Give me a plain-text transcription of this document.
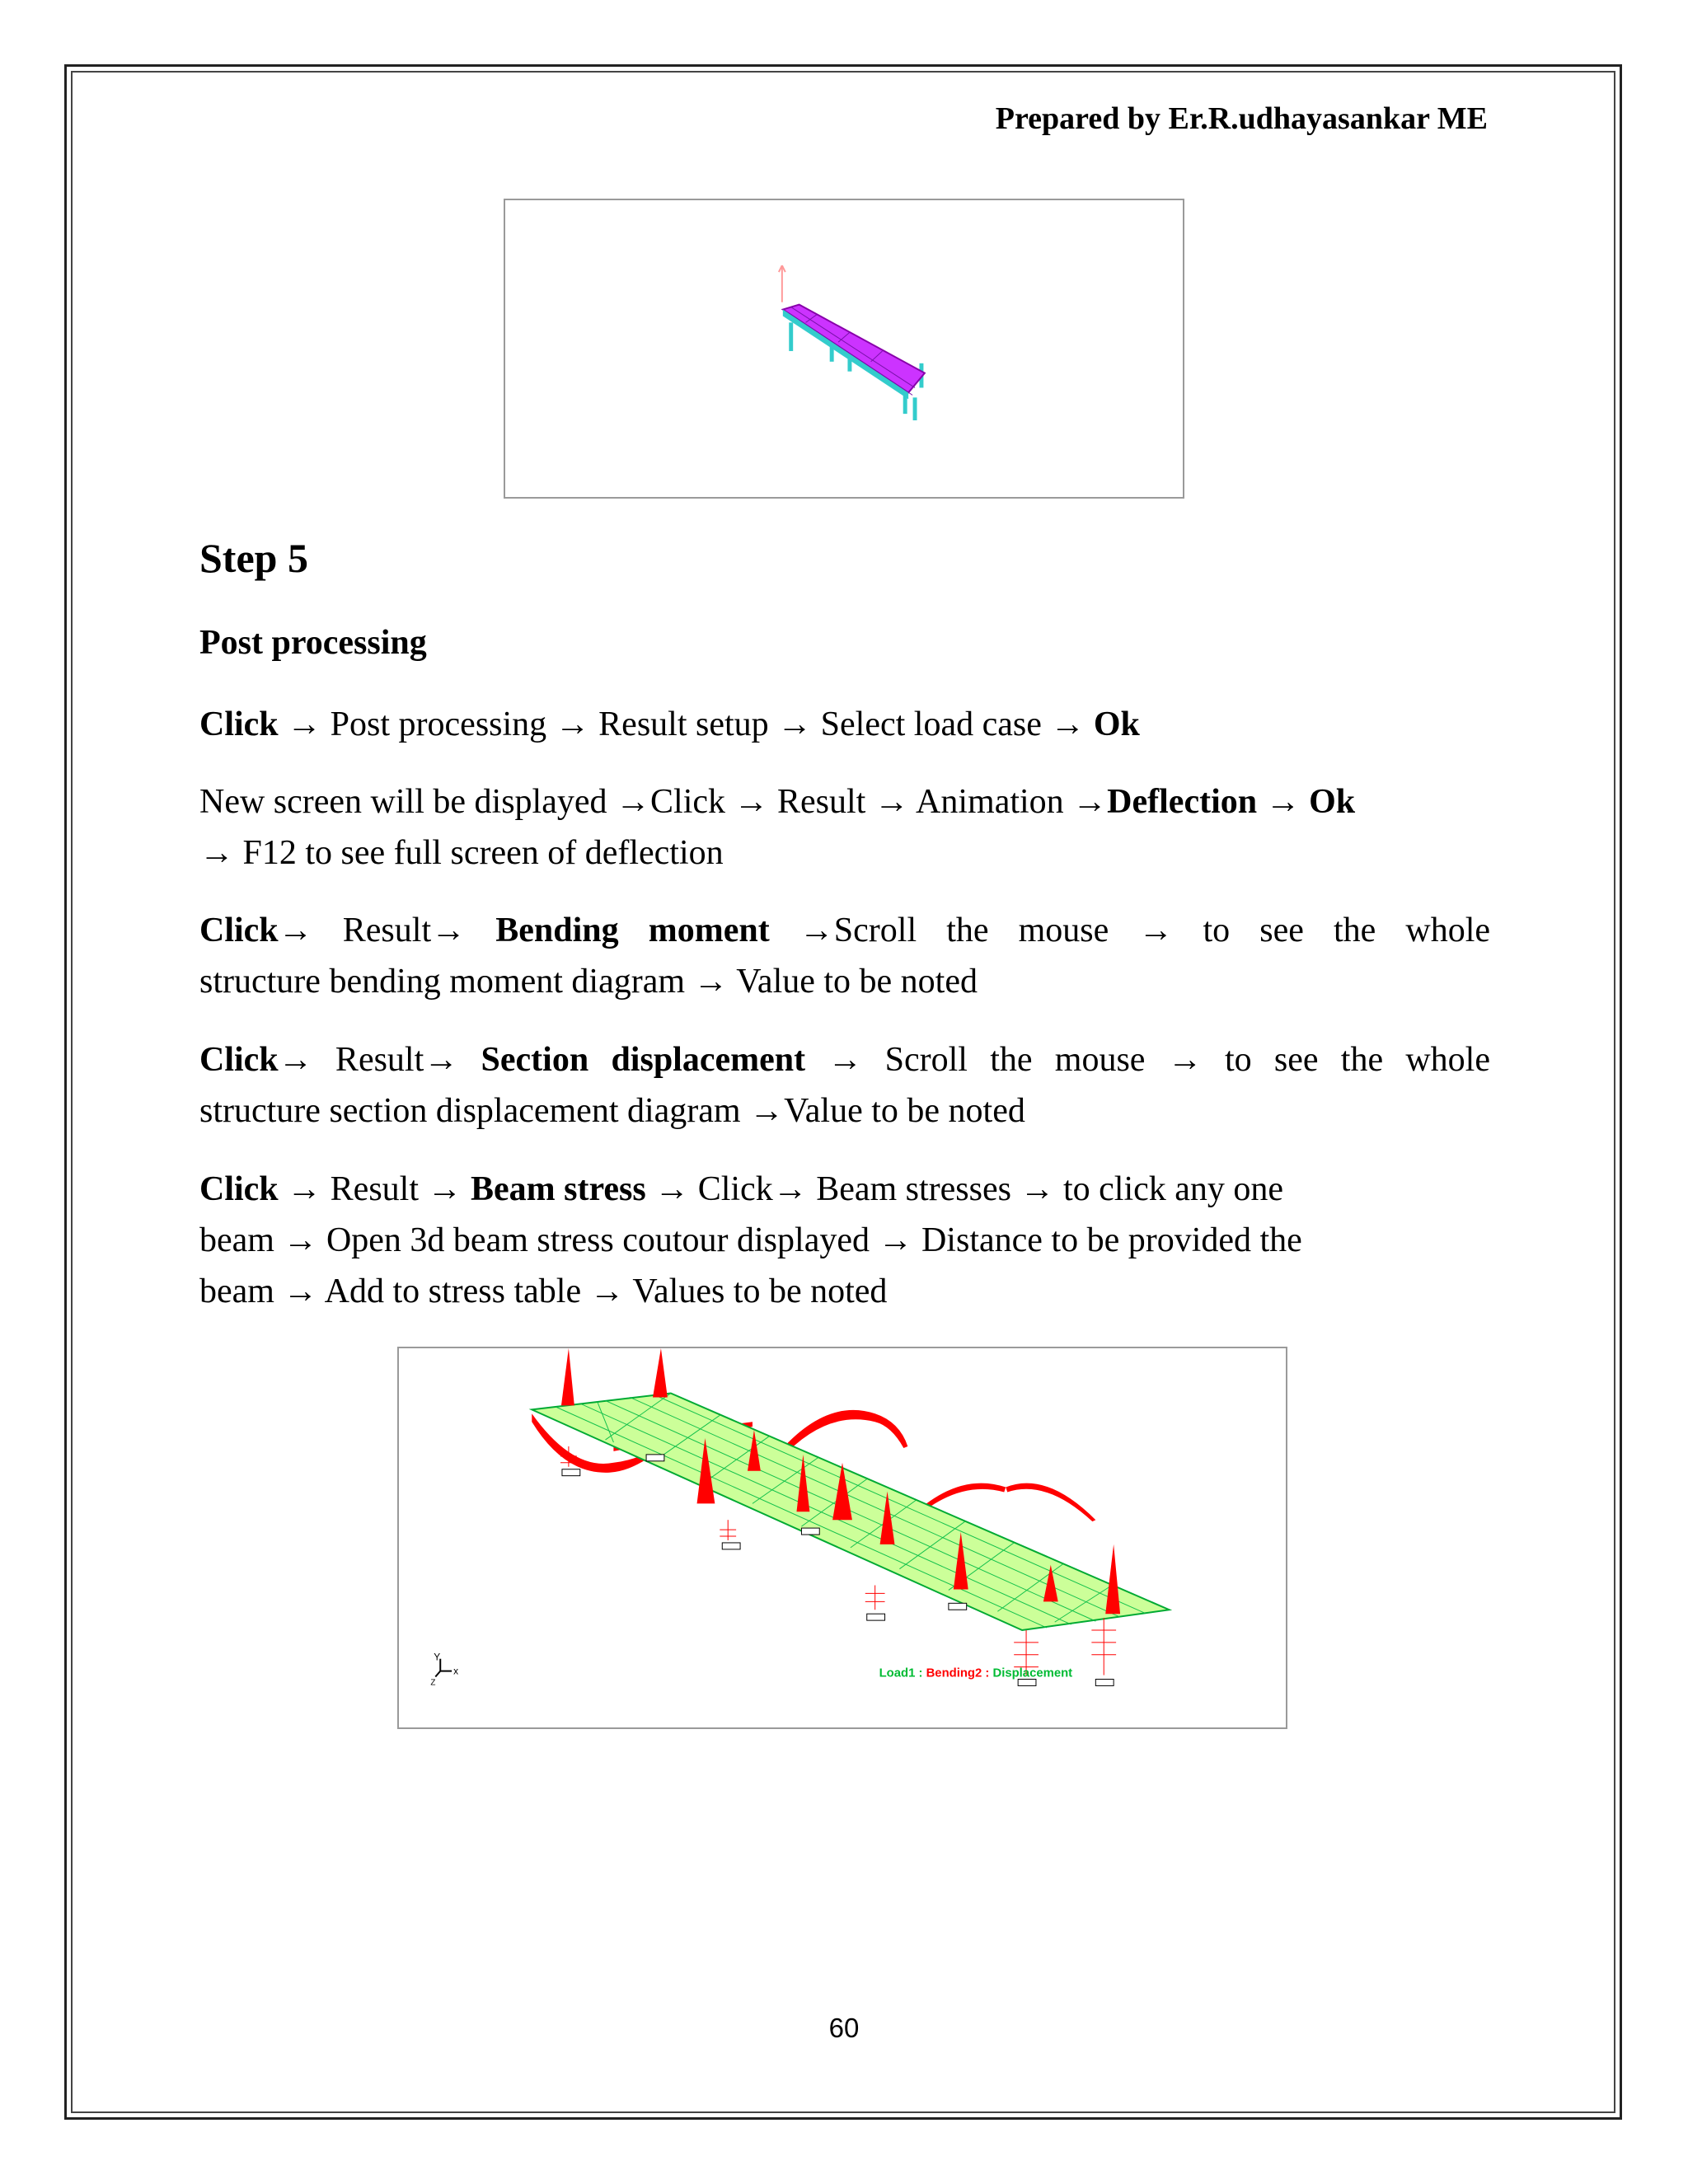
Prepared by Er.R.udhayasankar ME
Step 5
Post processing
Click → Post processing → Result setup → Select load case → Ok
New screen will be displayed →Click → Result → Animation →Deflection → Ok
→ F12 to see full screen of deflection
Click→ Result→ Bending moment →Scroll the mouse → to see the whole
structure bending moment diagram → Value to be noted
Click→ Result→ Section displacement → Scroll the mouse → to see the whole
structure section displacement diagram →Value to be noted
Click → Result → Beam stress → Click→ Beam stresses → to click any one
beam → Open 3d beam stress coutour displayed → Distance to be provided the
beam → Add to stress table → Values to be noted
Y
x
Z
Load1 : Bending2 : Displacement
60
